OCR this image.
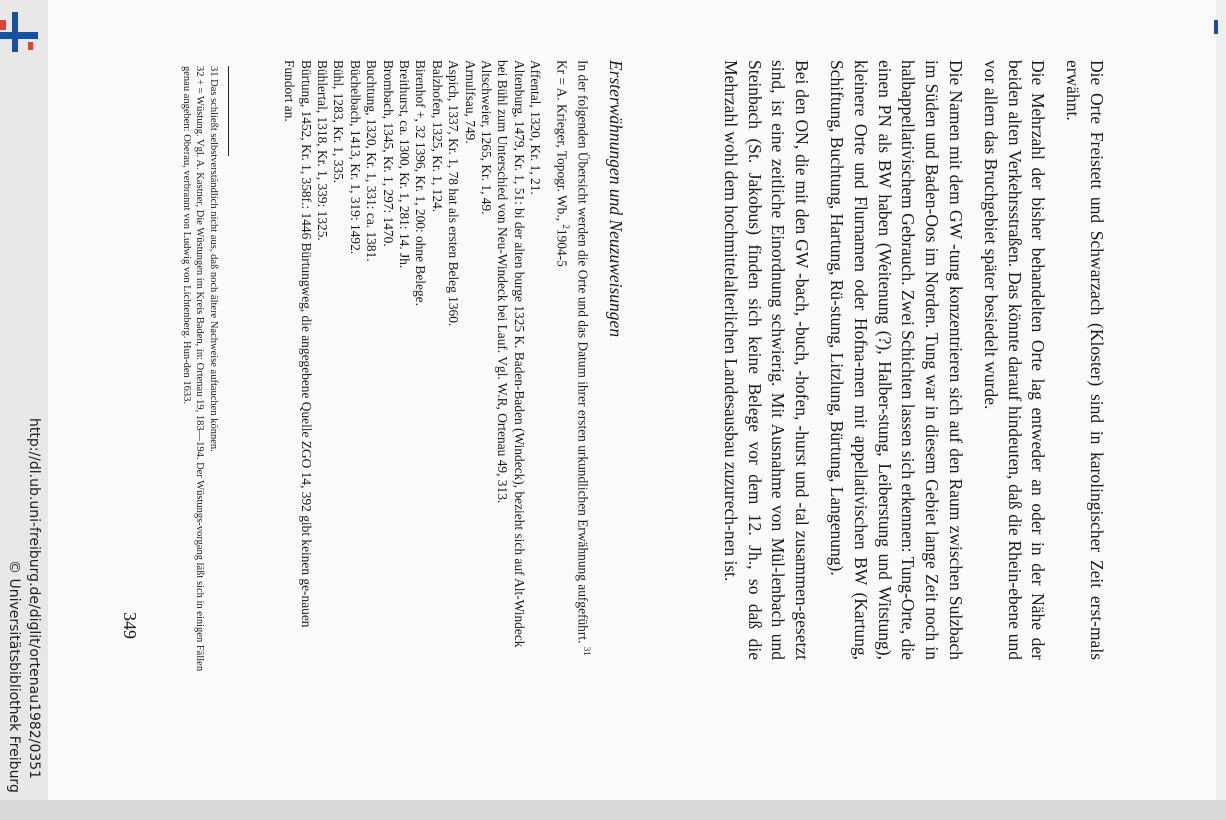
Die Orte Freistett und Schwarzach (Kloster) sind in karolingischer Zeit erst-mals erwähnt.

Die Mehrzahl der bisher behandelten Orte lag entweder an oder in der Nähe der beiden alten Verkehrsstraßen. Das könnte darauf hindeuten, daß die Rhein-ebene und vor allem das Bruchgebiet später besiedelt wurde.

Die Namen mit dem GW -tung konzentrieren sich auf den Raum zwischen Sulzbach im Süden und Baden-Oos im Norden. Tung war in diesem Gebiet lange Zeit noch in halbappellativischem Gebrauch. Zwei Schichten lassen sich erkennen: Tung-Orte, die einen PN als BW haben (Weitenung (?), Halber-stung, Leiberstung und Witstung), kleinere Orte und Flurnamen oder Hofna-men mit appellativischen BW (Kartung, Schiftung, Buchtung, Hartung, Rü-stung, Litzlung, Bürtung, Langenung).

Bei den ON, die mit den GW -bach, -buch, -hofen, -hurst und -tal zusammen-gesetzt sind, ist eine zeitliche Einordnung schwierig. Mit Ausnahme von Mül-lenbach und Steinbach (St. Jakobus) finden sich keine Belege vor dem 12. Jh., so daß die Mehrzahl wohl dem hochmittelalterlichen Landesausbau zuzurech-nen ist.

Ersterwähnungen und Neuzuweisungen

In der folgenden Übersicht werden die Orte und das Datum ihrer ersten urkundlichen Erwähnung aufgeführt. $^{31}$ Kr = A. Krieger, Topogr. Wb., $^2$1904-5

Affental, 1320, Kr. 1, 21.

Altenburg, 1479, Kr. 1, 51: bi der alten burge 1325 K. Baden-Baden (Windeck), bezieht sich auf Alt-Windeck bei Bühl zum Unterschied von Neu-Windeck bei Lauf. Vgl. W.R, Ortenau 49, 313.

Altschweier, 1265, Kr. 1, 49.

Arnulfsau, 749.

Aspich, 1337, Kr. 1, 78 hat als ersten Beleg 1360.

Balzhofen, 1325, Kr. 1, 124.

Birenhof +, 32 1396, Kr. 1, 200: ohne Belege.

Breithurst, ca. 1300, Kr. 1, 281: 14. Jh.

Brombach, 1345, Kr. 1, 297: 1470.

Buchtung, 1320, Kr. 1, 331: ca. 1381.

Büchelbach, 1413, Kr. 1, 319: 1492.

Bühl, 1283, Kr. 1, 335.

Bühlertal, 1318, Kr. 1, 339: 1325.

Bürtung, 1452, Kr. 1, 358f.: 1446 Bürtungweg, die angegebene Quelle ZGO 14, 392 gibt keinen ge-nauen Fundort an.

31 Das schließt selbstverständlich nicht aus, daß noch ältere Nachweise auftauchen können.

32 + = Wüstung. Vgl. A. Kastner, Die Wüstungen im Kreis Baden, in: Ortenau 19, 183—194. Der Wüstungs-vorgang läßt sich in einigen Fällen genau angeben: Oberau, verbrannt von Ludwig von Lichtenberg. Hun-den 1633.

349
http://dl.ub.uni-freiburg.de/diglit/ortenau1982/0351
© Universitätsbibliothek Freiburg
